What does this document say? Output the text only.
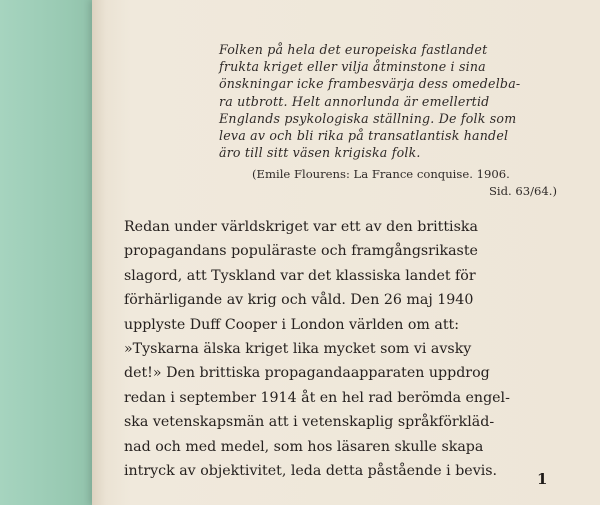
Folken på hela det europeiska fastlandet
frukta kriget eller vilja åtminstone i sina
önskningar icke frambesvärja dess omedelba-
ra utbrott. Helt annorlunda är emellertid
Englands psykologiska ställning. De folk som
leva av och bli rika på transatlantisk handel
äro till sitt väsen krigiska folk.
(Emile Flourens: La France conquise. 1906.
Sid. 63/64.)
Redan under världskriget var ett av den brittiska
propagandans populäraste och framgångsrikaste
slagord, att Tyskland var det klassiska landet för
förhärligande av krig och våld. Den 26 maj 1940
upplyste Duff Cooper i London världen om att:
»Tyskarna älska kriget lika mycket som vi avsky
det!» Den brittiska propagandaapparaten uppdrog
redan i september 1914 åt en hel rad berömda engel-
ska vetenskapsmän att i vetenskaplig språkförkläd-
nad och med medel, som hos läsaren skulle skapa
intryck av objektivitet, leda detta påstående i bevis.	1
